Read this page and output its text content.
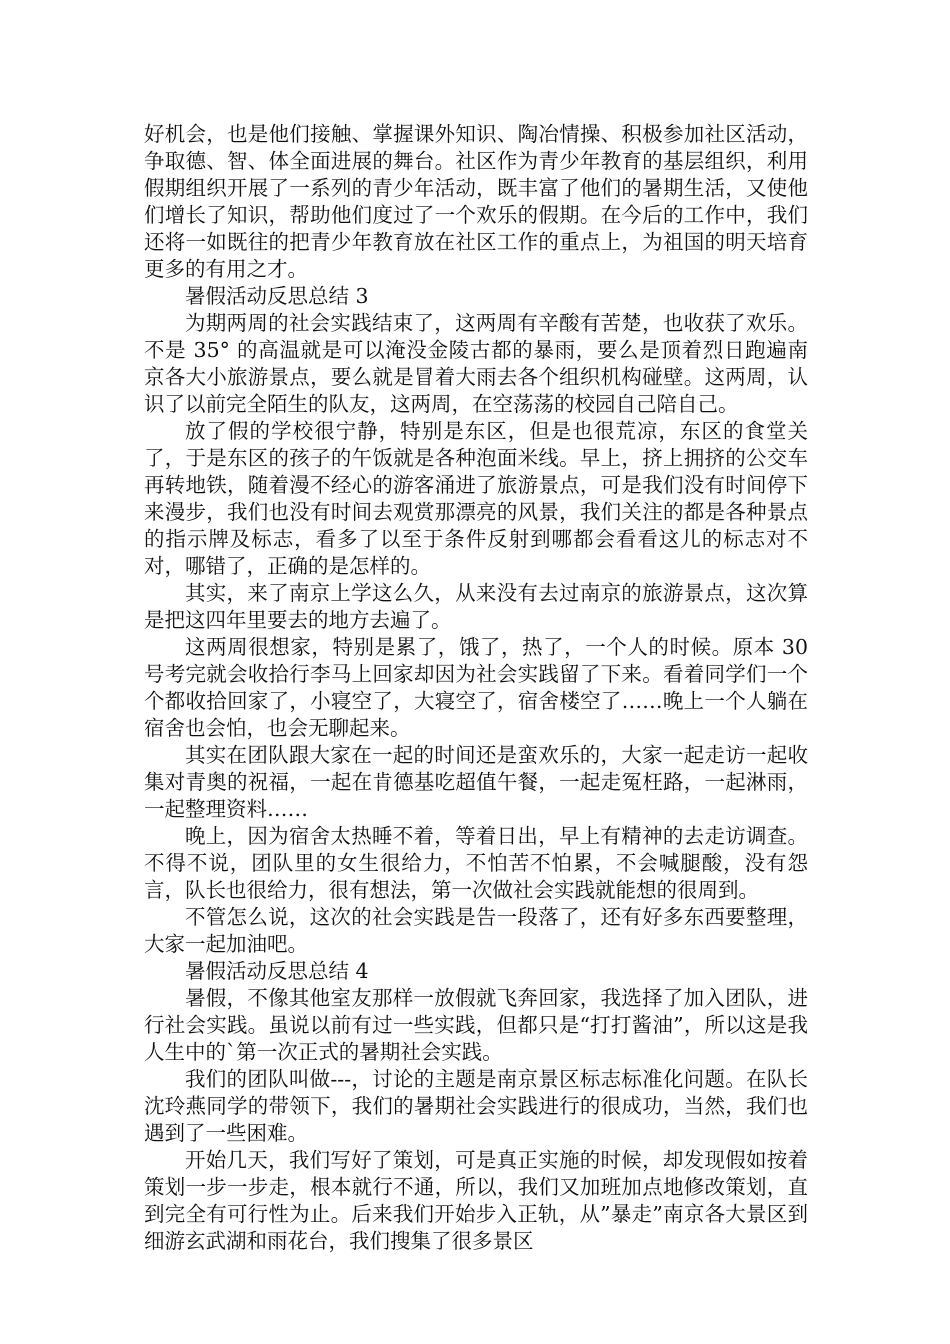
好机会，也是他们接触、掌握课外知识、陶冶情操、积极参加社区活动，争取德、智、体全面进展的舞台。社区作为青少年教育的基层组织，利用假期组织开展了一系列的青少年活动，既丰富了他们的暑期生活，又使他们增长了知识，帮助他们度过了一个欢乐的假期。在今后的工作中，我们还将一如既往的把青少年教育放在社区工作的重点上，为祖国的明天培育更多的有用之才。

暑假活动反思总结 3

为期两周的社会实践结束了，这两周有辛酸有苦楚，也收获了欢乐。不是 35° 的高温就是可以淹没金陵古都的暴雨，要么是顶着烈日跑遍南京各大小旅游景点，要么就是冒着大雨去各个组织机构碰壁。这两周，认识了以前完全陌生的队友，这两周，在空荡荡的校园自己陪自己。

放了假的学校很宁静，特别是东区，但是也很荒凉，东区的食堂关了，于是东区的孩子的午饭就是各种泡面米线。早上，挤上拥挤的公交车再转地铁，随着漫不经心的游客涌进了旅游景点，可是我们没有时间停下来漫步，我们也没有时间去观赏那漂亮的风景，我们关注的都是各种景点的指示牌及标志，看多了以至于条件反射到哪都会看看这儿的标志对不对，哪错了，正确的是怎样的。

其实，来了南京上学这么久，从来没有去过南京的旅游景点，这次算是把这四年里要去的地方去遍了。

这两周很想家，特别是累了，饿了，热了，一个人的时候。原本 30 号考完就会收拾行李马上回家却因为社会实践留了下来。看着同学们一个个都收拾回家了，小寝空了，大寝空了，宿舍楼空了……晚上一个人躺在宿舍也会怕，也会无聊起来。

其实在团队跟大家在一起的时间还是蛮欢乐的，大家一起走访一起收集对青奥的祝福，一起在肯德基吃超值午餐，一起走冤枉路，一起淋雨，一起整理资料……

晚上，因为宿舍太热睡不着，等着日出，早上有精神的去走访调查。不得不说，团队里的女生很给力，不怕苦不怕累，不会喊腿酸，没有怨言，队长也很给力，很有想法，第一次做社会实践就能想的很周到。

不管怎么说，这次的社会实践是告一段落了，还有好多东西要整理，大家一起加油吧。

暑假活动反思总结 4

暑假，不像其他室友那样一放假就飞奔回家，我选择了加入团队，进行社会实践。虽说以前有过一些实践，但都只是“打打酱油”，所以这是我人生中的`第一次正式的暑期社会实践。

我们的团队叫做---，讨论的主题是南京景区标志标准化问题。在队长沈玲燕同学的带领下，我们的暑期社会实践进行的很成功，当然，我们也遇到了一些困难。

开始几天，我们写好了策划，可是真正实施的时候，却发现假如按着策划一步一步走，根本就行不通，所以，我们又加班加点地修改策划，直到完全有可行性为止。后来我们开始步入正轨，从”暴走”南京各大景区到细游玄武湖和雨花台，我们搜集了很多景区
